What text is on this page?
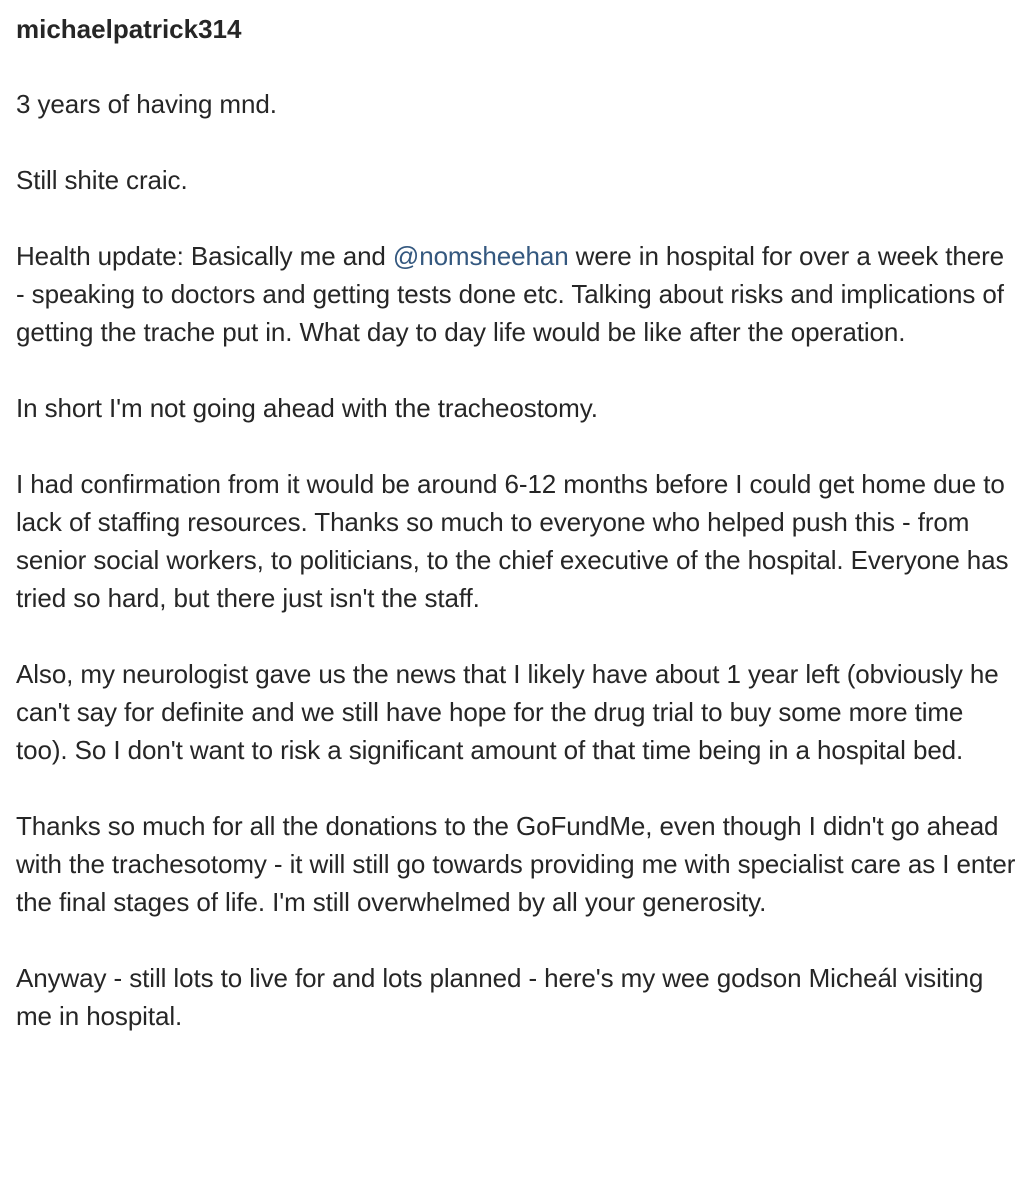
michaelpatrick314

3 years of having mnd.

Still shite craic.

Health update: Basically me and @nomsheehan were in hospital for over a week there - speaking to doctors and getting tests done etc. Talking about risks and implications of getting the trache put in. What day to day life would be like after the operation.

In short I'm not going ahead with the tracheostomy.

I had confirmation from it would be around 6-12 months before I could get home due to lack of staffing resources. Thanks so much to everyone who helped push this - from senior social workers, to politicians, to the chief executive of the hospital. Everyone has tried so hard, but there just isn't the staff.

Also, my neurologist gave us the news that I likely have about 1 year left (obviously he can't say for definite and we still have hope for the drug trial to buy some more time too). So I don't want to risk a significant amount of that time being in a hospital bed.

Thanks so much for all the donations to the GoFundMe, even though I didn't go ahead with the trachesotomy - it will still go towards providing me with specialist care as I enter the final stages of life. I'm still overwhelmed by all your generosity.

Anyway - still lots to live for and lots planned - here's my wee godson Micheál visiting me in hospital.
